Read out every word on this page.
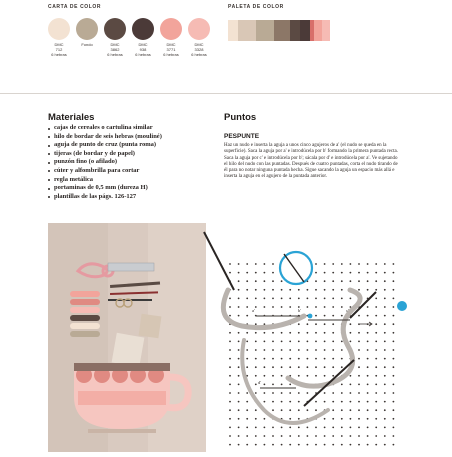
CARTA DE COLOR	PALETA DE COLOR
DMC
712
6 hebras
Fondo	DMC
3862
6 hebras
DMC
938
6 hebras
DMC
3771
6 hebras
DMC
3328
6 hebras
Materiales
cajas de cereales o cartulina similar
hilo de bordar de seis hebras (mouliné)
aguja de punto de cruz (punta roma)
tijeras (de bordar y de papel)
punzón fino (o afilado)
cúter y alfombrilla para cortar
regla metálica
portaminas de 0,5 mm (dureza H)
plantillas de las págs. 126-127
Puntos
PESPUNTE

Haz un nudo e inserta la aguja a unos cinco agujeros de a' (el nudo se queda en la superficie). Saca la aguja por a' e introdúcela por b' formando la primera puntada recta. Saca la aguja por c' e introdúcela por b'; sácala por d' e introdúcela por a'. Ve sujetando el hilo del nudo con las puntadas. Después de cuatro puntadas, corta el nudo tirando de él para no notar ninguna puntada hecha. Sigue sacando la aguja un espacio más allá e inserta la aguja en el agujero de la puntada anterior.

a'	b'	c'
d'
